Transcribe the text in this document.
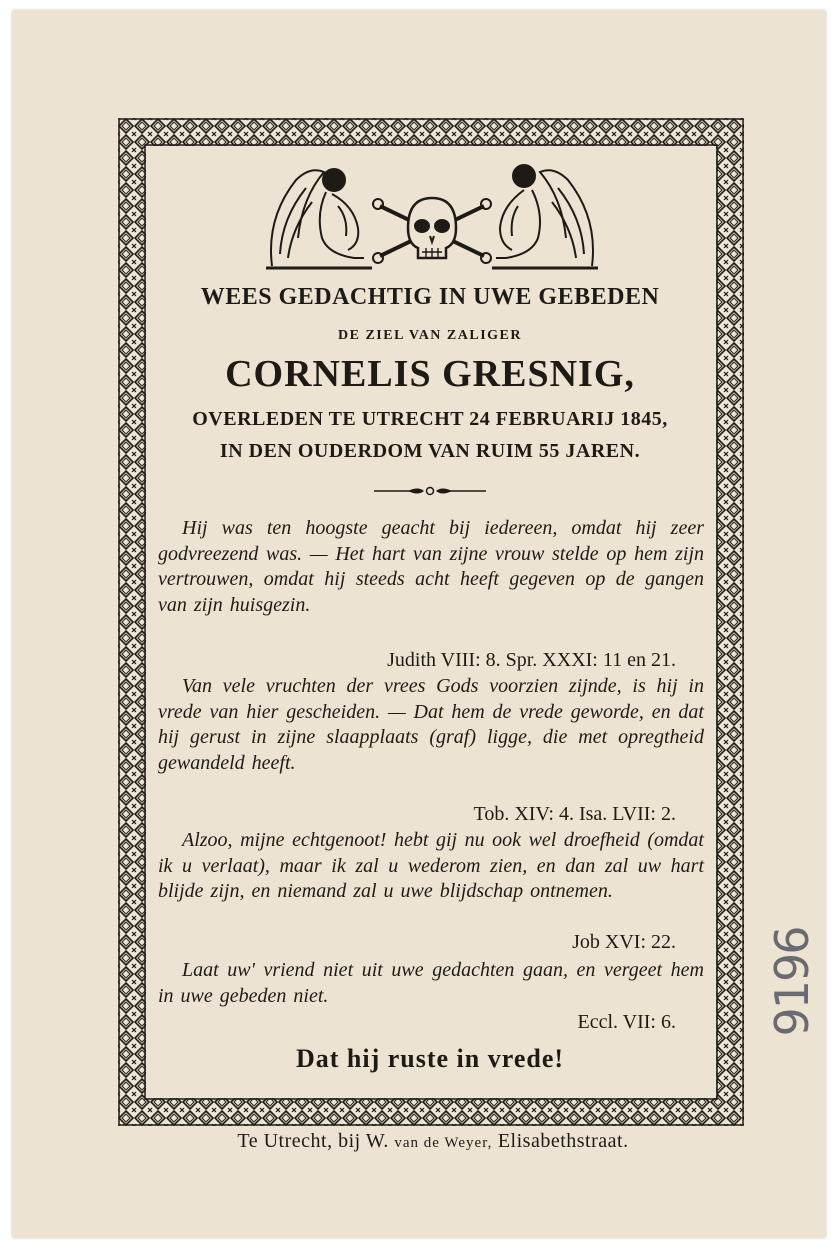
WEES GEDACHTIG IN UWE GEBEDEN
DE ZIEL VAN ZALIGER
CORNELIS GRESNIG,
OVERLEDEN TE UTRECHT 24 FEBRUARIJ 1845,
IN DEN OUDERDOM VAN RUIM 55 JAREN.
Hij was ten hoogste geacht bij iedereen, omdat hij zeer godvreezend was. — Het hart van zijne vrouw stelde op hem zijn vertrouwen, omdat hij steeds acht heeft gegeven op de gangen van zijn huisgezin.
Judith VIII: 8. Spr. XXXI: 11 en 21.
Van vele vruchten der vrees Gods voorzien zijnde, is hij in vrede van hier gescheiden. — Dat hem de vrede geworde, en dat hij gerust in zijne slaapplaats (graf) ligge, die met opregtheid gewandeld heeft.
Tob. XIV: 4. Isa. LVII: 2.
Alzoo, mijne echtgenoot! hebt gij nu ook wel droefheid (omdat ik u verlaat), maar ik zal u wederom zien, en dan zal uw hart blijde zijn, en niemand zal u uwe blijdschap ontnemen.
Job XVI: 22.
Laat uw' vriend niet uit uwe gedachten gaan, en vergeet hem in uwe gebeden niet.
Eccl. VII: 6.
Dat hij ruste in vrede!
Te Utrecht, bij W. van de Weyer, Elisabethstraat.
9196
